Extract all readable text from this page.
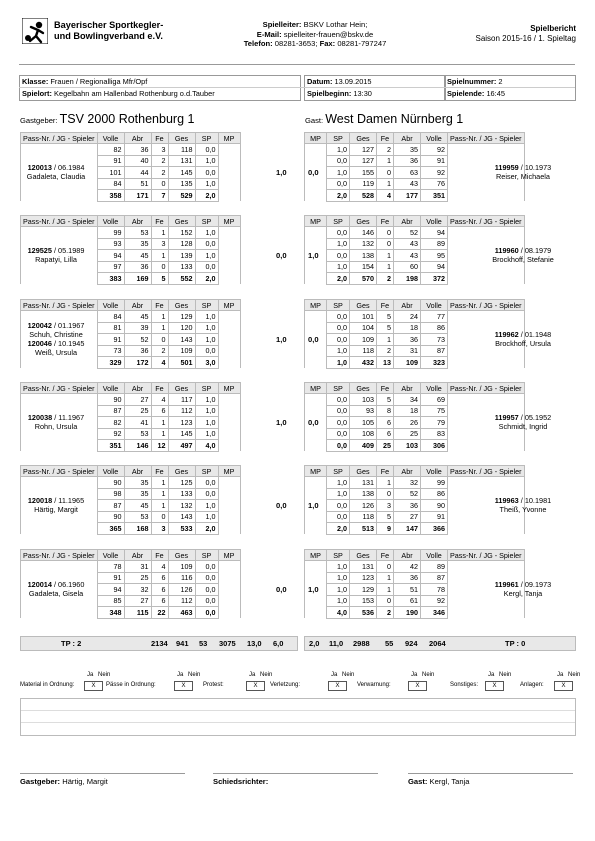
Bayerischer Sportkegler-
und Bowlingverband e.V.
Spielleiter: BSKV Lothar Hein;
E-Mail: spielleiter-frauen@bskv.de
Telefon: 08281-3653; Fax: 08281-797247
Spielbericht
Saison 2015-16 / 1. Spieltag
Klasse: Frauen / Regionalliga Mfr/Opf
Spielort: Kegelbahn am Hallenbad Rothenburg o.d.Tauber
Datum: 13.09.2015
Spielbeginn: 13:30
Spielnummer: 2
Spielende: 16:45
Gastgeber: TSV 2000 Rothenburg 1	Gast: West Damen Nürnberg 1
Pass-Nr. / JG - Spieler	Volle	Abr	Fe	Ges	SP	MP
	82	36	3	118	0,0	
	91	40	2	131	1,0	
	101	44	2	145	0,0	
	84	51	0	135	1,0	
	358	171	7	529	2,0	
120013 / 06.1984
Gadaleta, Claudia	1,0
MP	SP	Ges	Fe	Abr	Volle	Pass-Nr. / JG - Spieler
	1,0	127	2	35	92	
	0,0	127	1	36	91	
	1,0	155	0	63	92	
	0,0	119	1	43	76	
	2,0	528	4	177	351	
119959 / 10.1973
Reiser, Michaela
0,0
Pass-Nr. / JG - Spieler	Volle	Abr	Fe	Ges	SP	MP
	99	53	1	152	1,0	
	93	35	3	128	0,0	
	94	45	1	139	1,0	
	97	36	0	133	0,0	
	383	169	5	552	2,0	
129525 / 05.1989
Rapatyi, Lilla	0,0
MP	SP	Ges	Fe	Abr	Volle	Pass-Nr. / JG - Spieler
	0,0	146	0	52	94	
	1,0	132	0	43	89	
	0,0	138	1	43	95	
	1,0	154	1	60	94	
	2,0	570	2	198	372	
119960 / 08.1979
Brockhoff, Stefanie
1,0
Pass-Nr. / JG - Spieler	Volle	Abr	Fe	Ges	SP	MP
	84	45	1	129	1,0	
	81	39	1	120	1,0	
	91	52	0	143	1,0	
	73	36	2	109	0,0	
	329	172	4	501	3,0	
120042 / 01.1967
Schuh, Christine
120046 / 10.1945
Weiß, Ursula
1,0
MP	SP	Ges	Fe	Abr	Volle	Pass-Nr. / JG - Spieler
	0,0	101	5	24	77	
	0,0	104	5	18	86	
	0,0	109	1	36	73	
	1,0	118	2	31	87	
	1,0	432	13	109	323	
119962 / 01.1948
Brockhoff, Ursula
0,0
Pass-Nr. / JG - Spieler	Volle	Abr	Fe	Ges	SP	MP
	90	27	4	117	1,0	
	87	25	6	112	1,0	
	82	41	1	123	1,0	
	92	53	1	145	1,0	
	351	146	12	497	4,0	
120038 / 11.1967
Rohn, Ursula	1,0
MP	SP	Ges	Fe	Abr	Volle	Pass-Nr. / JG - Spieler
	0,0	103	5	34	69	
	0,0	93	8	18	75	
	0,0	105	6	26	79	
	0,0	108	6	25	83	
	0,0	409	25	103	306	
119957 / 05.1952
Schmidt, Ingrid
0,0
Pass-Nr. / JG - Spieler	Volle	Abr	Fe	Ges	SP	MP
	90	35	1	125	0,0	
	98	35	1	133	0,0	
	87	45	1	132	1,0	
	90	53	0	143	1,0	
	365	168	3	533	2,0	
120018 / 11.1965
Härtig, Margit	0,0
MP	SP	Ges	Fe	Abr	Volle	Pass-Nr. / JG - Spieler
	1,0	131	1	32	99	
	1,0	138	0	52	86	
	0,0	126	3	36	90	
	0,0	118	5	27	91	
	2,0	513	9	147	366	
119963 / 10.1981
Theiß, Yvonne
1,0
Pass-Nr. / JG - Spieler	Volle	Abr	Fe	Ges	SP	MP
	78	31	4	109	0,0	
	91	25	6	116	0,0	
	94	32	6	126	0,0	
	85	27	6	112	0,0	
	348	115	22	463	0,0	
120014 / 06.1960
Gadaleta, Gisela	0,0
MP	SP	Ges	Fe	Abr	Volle	Pass-Nr. / JG - Spieler
	1,0	131	0	42	89	
	1,0	123	1	36	87	
	1,0	129	1	51	78	
	1,0	153	0	61	92	
	4,0	536	2	190	346	
119961 / 09.1973
Kergl, Tanja
1,0
TP : 2	2134 941 53 3075 13,0 6,0	2,0 11,0 2988 55 924 2064	TP : 0
Material in Ordnung:
Ja Nein
X	Pässe in Ordnung:
Ja Nein
X	Protest:
Ja Nein
X	Verletzung:
Ja Nein
X	Verwarnung:
Ja Nein
X	Sonstiges:
Ja Nein
X	Anlagen:
Ja Nein
X
Gastgeber: Härtig, Margit	Schiedsrichter:	Gast: Kergl, Tanja
